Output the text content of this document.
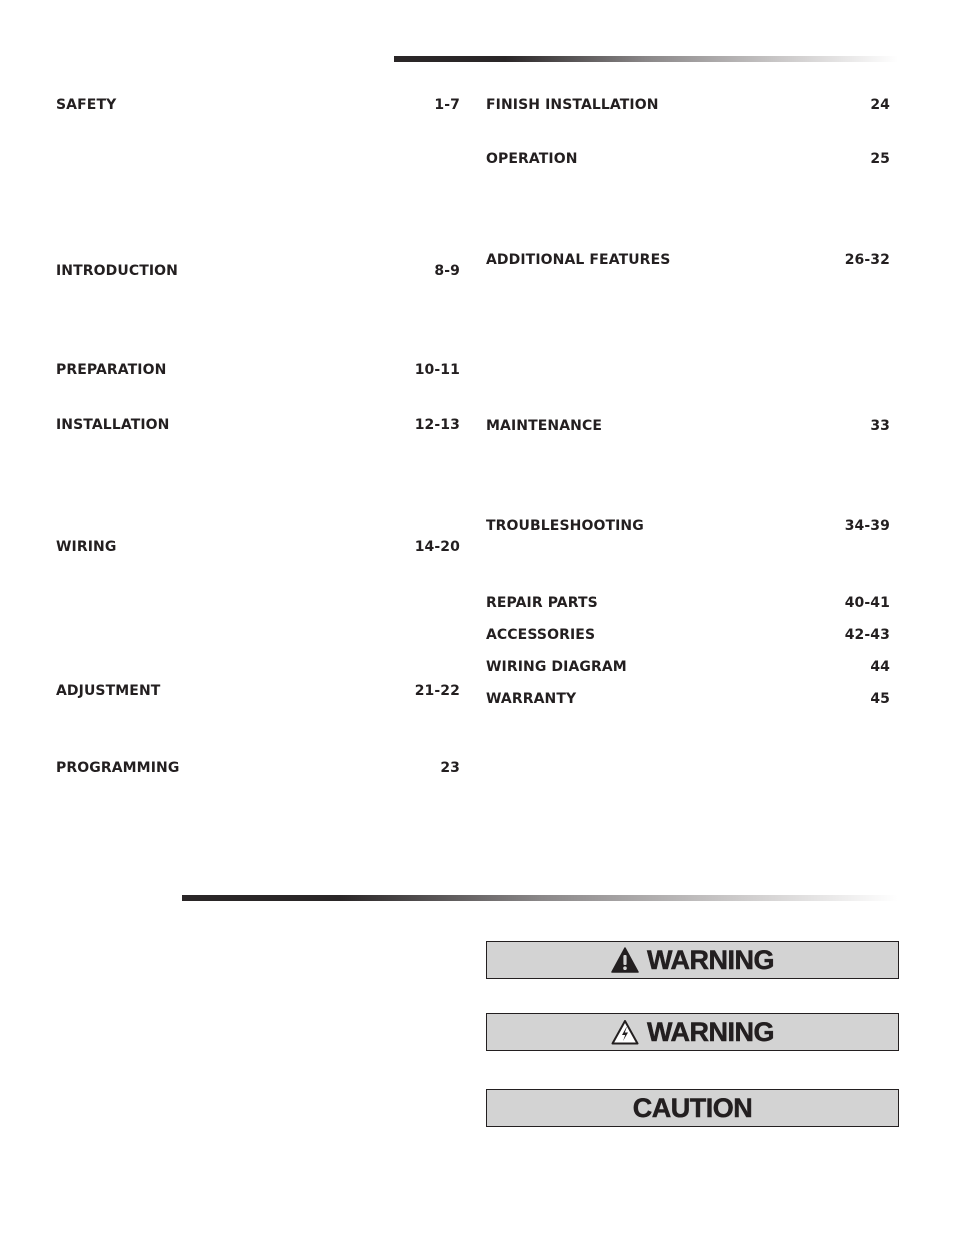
SAFETY	1-7
INTRODUCTION	8-9
PREPARATION	10-11
INSTALLATION	12-13
WIRING	14-20
ADJUSTMENT	21-22
PROGRAMMING	23
FINISH INSTALLATION	24
OPERATION	25
ADDITIONAL FEATURES	26-32
MAINTENANCE	33
TROUBLESHOOTING	34-39
REPAIR PARTS	40-41
ACCESSORIES	42-43
WIRING DIAGRAM	44
WARRANTY	45
WARNING
WARNING
CAUTION
